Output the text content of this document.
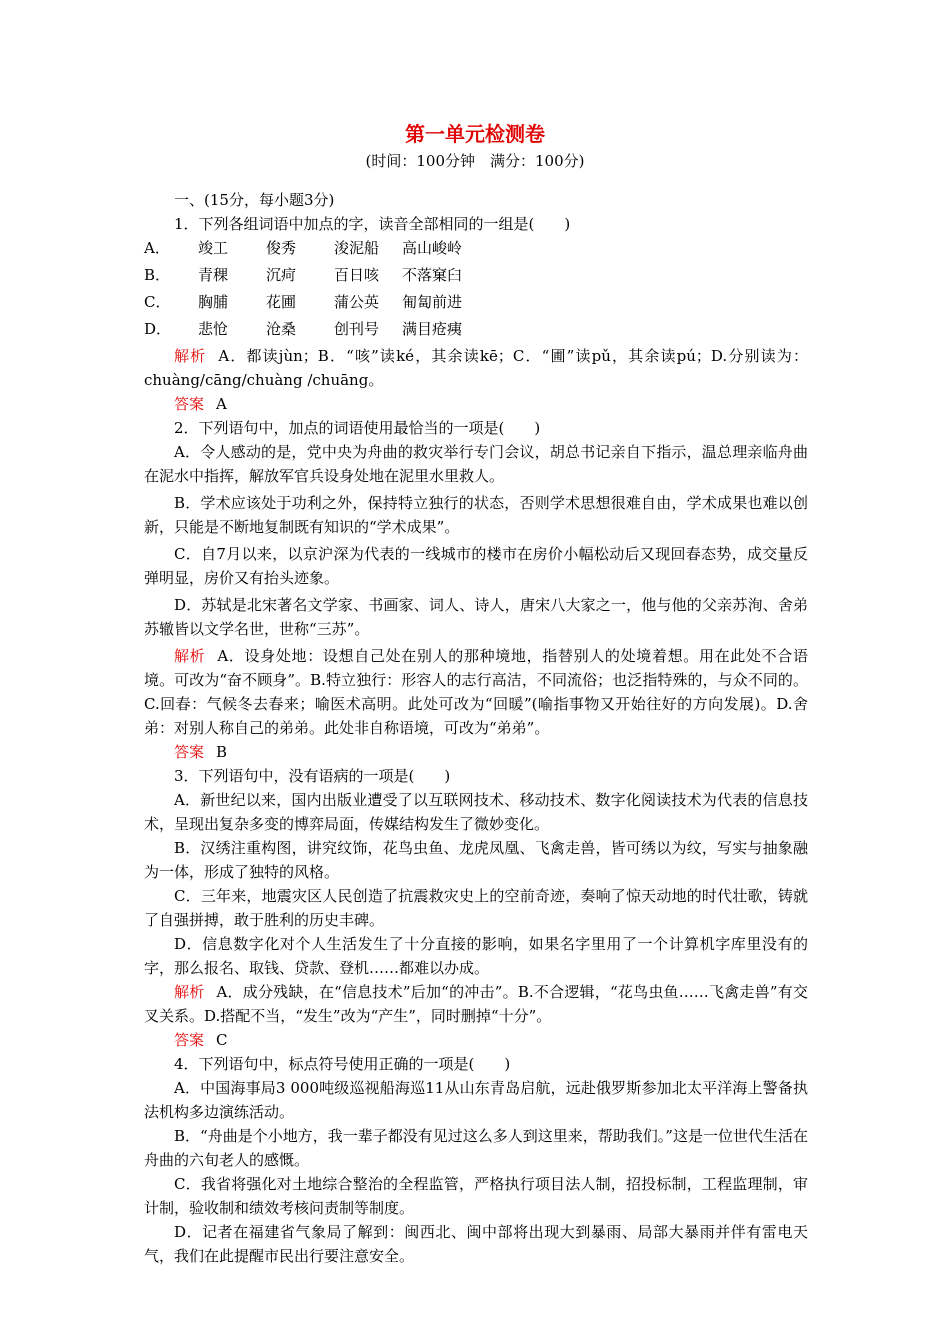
第一单元检测卷
(时间：100分钟　满分：100分)

一、(15分，每小题3分)

1．下列各组词语中加点的字，读音全部相同的一组是(　　)

A．	竣工	俊秀	浚泥船	高山峻岭

B．	青稞	沉疴	百日咳	不落窠臼

C．	胸脯	花圃	蒲公英	匍匐前进

D．	悲怆	沧桑	创刊号	满目疮痍

解析 A．都读jùn；B．“咳”读ké，其余读kē；C．“圃”读pǔ，其余读pú；D.分别读为：chuàng/cāng/chuàng /chuāng。

答案 A

2．下列语句中，加点的词语使用最恰当的一项是(　　)

A．令人感动的是，党中央为舟曲的救灾举行专门会议，胡总书记亲自下指示，温总理亲临舟曲在泥水中指挥，解放军官兵设身处地在泥里水里救人。

B．学术应该处于功利之外，保持特立独行的状态，否则学术思想很难自由，学术成果也难以创新，只能是不断地复制既有知识的“学术成果”。

C．自7月以来，以京沪深为代表的一线城市的楼市在房价小幅松动后又现回春态势，成交量反弹明显，房价又有抬头迹象。

D．苏轼是北宋著名文学家、书画家、词人、诗人，唐宋八大家之一，他与他的父亲苏洵、舍弟苏辙皆以文学名世，世称“三苏”。

解析 A．设身处地：设想自己处在别人的那种境地，指替别人的处境着想。用在此处不合语境。可改为“奋不顾身”。B.特立独行：形容人的志行高洁，不同流俗；也泛指特殊的，与众不同的。C.回春：气候冬去春来；喻医术高明。此处可改为“回暖”(喻指事物又开始往好的方向发展)。D.舍弟：对别人称自己的弟弟。此处非自称语境，可改为“弟弟”。

答案 B

3．下列语句中，没有语病的一项是(　　)

A．新世纪以来，国内出版业遭受了以互联网技术、移动技术、数字化阅读技术为代表的信息技术，呈现出复杂多变的博弈局面，传媒结构发生了微妙变化。

B．汉绣注重构图，讲究纹饰，花鸟虫鱼、龙虎凤凰、飞禽走兽，皆可绣以为纹，写实与抽象融为一体，形成了独特的风格。

C．三年来，地震灾区人民创造了抗震救灾史上的空前奇迹，奏响了惊天动地的时代壮歌，铸就了自强拼搏，敢于胜利的历史丰碑。

D．信息数字化对个人生活发生了十分直接的影响，如果名字里用了一个计算机字库里没有的字，那么报名、取钱、贷款、登机……都难以办成。

解析 A．成分残缺，在“信息技术”后加“的冲击”。B.不合逻辑，“花鸟虫鱼……飞禽走兽”有交叉关系。D.搭配不当，“发生”改为“产生”，同时删掉“十分”。

答案 C

4．下列语句中，标点符号使用正确的一项是(　　)

A．中国海事局3 000吨级巡视船海巡11从山东青岛启航，远赴俄罗斯参加北太平洋海上警备执法机构多边演练活动。

B．“舟曲是个小地方，我一辈子都没有见过这么多人到这里来，帮助我们。”这是一位世代生活在舟曲的六旬老人的感慨。

C．我省将强化对土地综合整治的全程监管，严格执行项目法人制，招投标制，工程监理制，审计制，验收制和绩效考核问责制等制度。

D．记者在福建省气象局了解到：闽西北、闽中部将出现大到暴雨、局部大暴雨并伴有雷电天气，我们在此提醒市民出行要注意安全。
